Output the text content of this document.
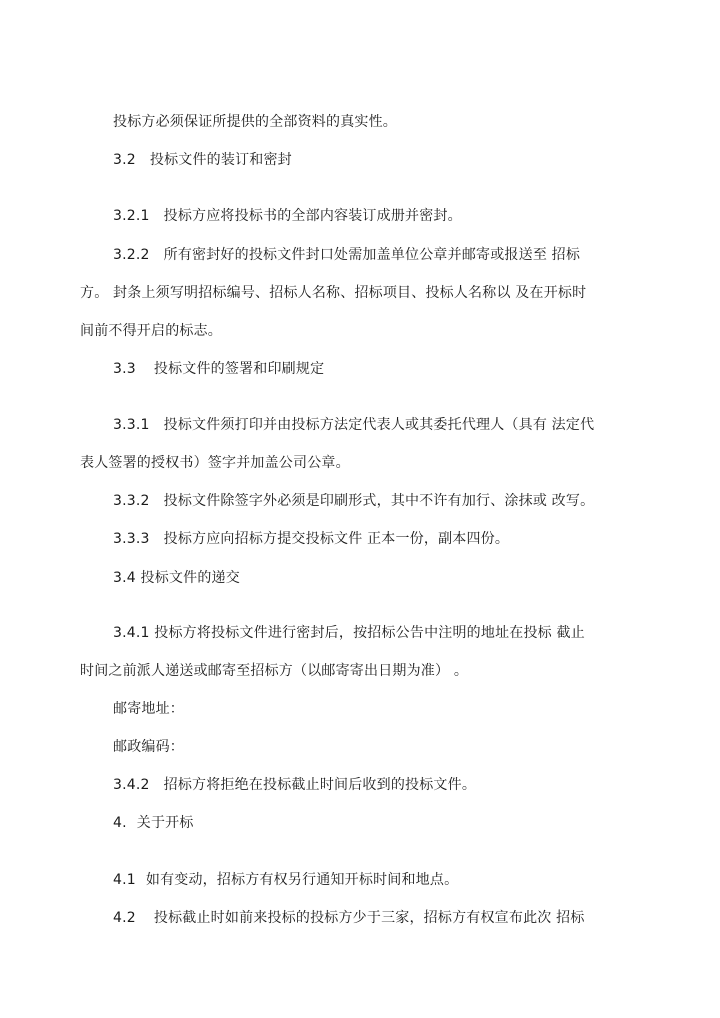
投标方必须保证所提供的全部资料的真实性。
3.2 投标文件的装订和密封
3.2.1 投标方应将投标书的全部内容装订成册并密封。
3.2.2 所有密封好的投标文件封口处需加盖单位公章并邮寄或报送至 招标
方。 封条上须写明招标编号、招标人名称、招标项目、投标人名称以 及在开标时
间前不得开启的标志。
3.3 投标文件的签署和印刷规定
3.3.1 投标文件须打印并由投标方法定代表人或其委托代理人（具有 法定代
表人签署的授权书）签字并加盖公司公章。
3.3.2 投标文件除签字外必须是印刷形式，其中不许有加行、涂抹或 改写。
3.3.3 投标方应向招标方提交投标文件 正本一份，副本四份。
3.4 投标文件的递交
3.4.1 投标方将投标文件进行密封后，按招标公告中注明的地址在投标 截止
时间之前派人递送或邮寄至招标方（以邮寄寄出日期为准） 。
邮寄地址：
邮政编码：
3.4.2 招标方将拒绝在投标截止时间后收到的投标文件。
4. 关于开标
4.1 如有变动，招标方有权另行通知开标时间和地点。
4.2 投标截止时如前来投标的投标方少于三家，招标方有权宣布此次 招标
